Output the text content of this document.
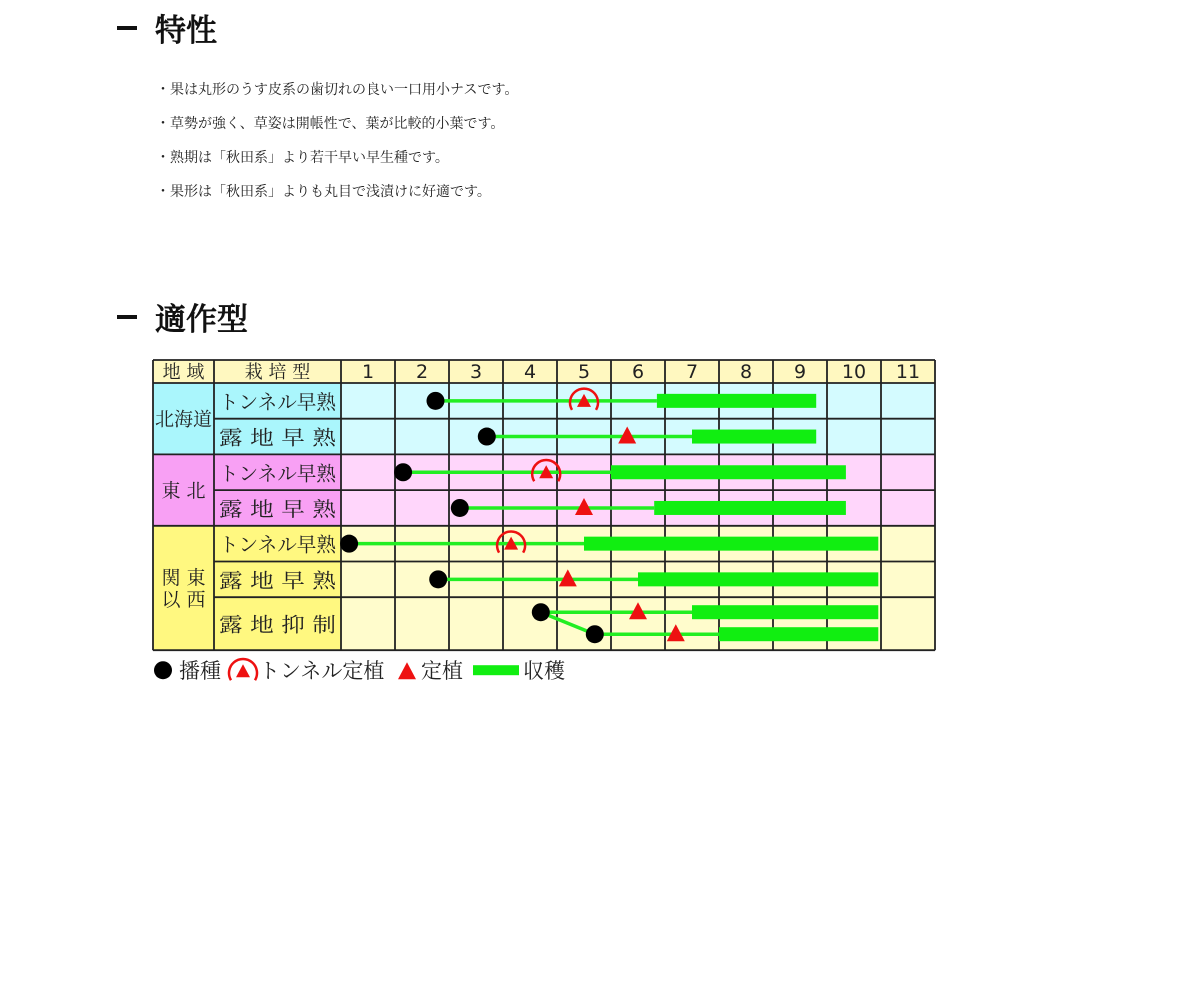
特性
・果は丸形のうす皮系の歯切れの良い一口用小ナスです。
・草勢が強く、草姿は開帳性で、葉が比較的小葉です。
・熟期は「秋田系」より若干早い早生種です。
・果形は「秋田系」よりも丸目で浅漬けに好適です。
適作型
地 域 栽 培 型	1 2 3 4 5 6 7 8 9 10 11
北海道
東 北
関 東
以 西
トンネル早熟
露 地 早 熟
トンネル早熟
露 地 早 熟
トンネル早熟
露 地 早 熟
露 地 抑 制
播種 トンネル定植 定植	収穫
